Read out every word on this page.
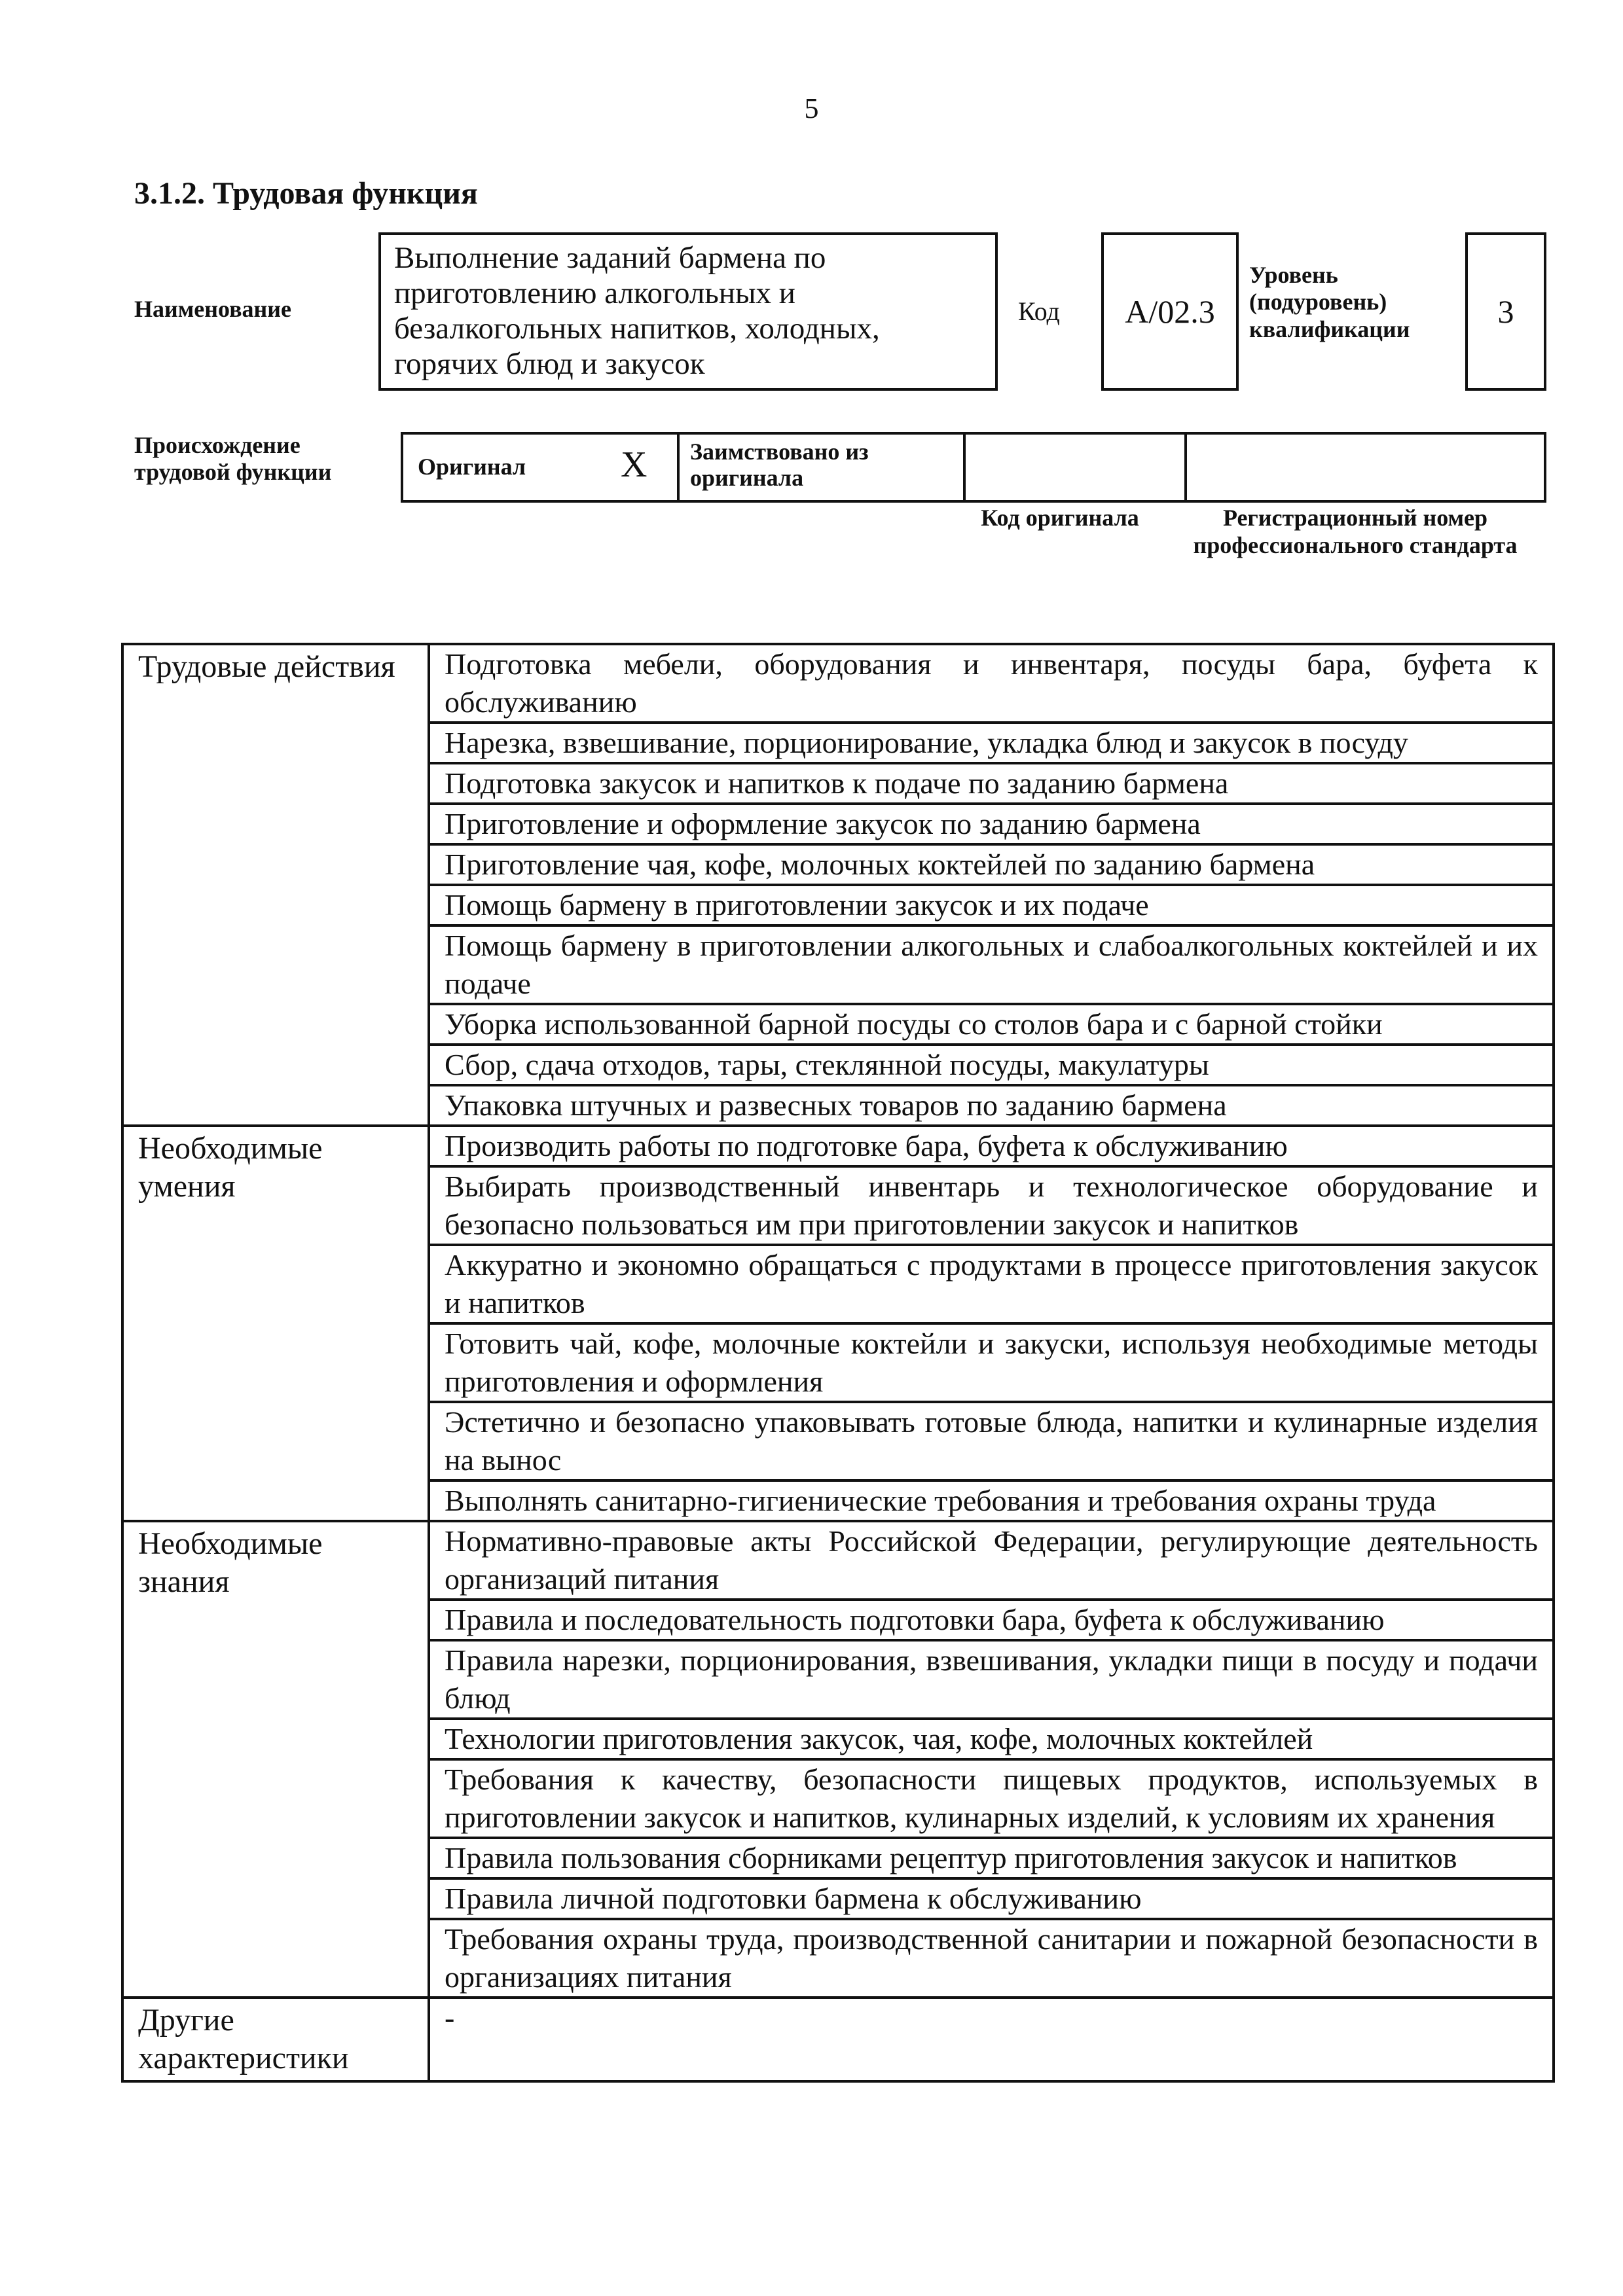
5
3.1.2. Трудовая функция
Наименование
Выполнение заданий бармена по приготовлению алкогольных и безалкогольных напитков, холодных, горячих блюд и закусок
Код	А/02.3
Уровень (подуровень) квалификации	3
Происхождение трудовой функции	Оригинал	X	Заимствовано из оригинала
Код оригинала	Регистрационный номер профессионального стандарта
Трудовые действия	Подготовка мебели, оборудования и инвентаря, посуды бара, буфета к обслуживанию
	Нарезка, взвешивание, порционирование, укладка блюд и закусок в посуду
	Подготовка закусок и напитков к подаче по заданию бармена
	Приготовление и оформление закусок по заданию бармена
	Приготовление чая, кофе, молочных коктейлей по заданию бармена
	Помощь бармену в приготовлении закусок и их подаче
	Помощь бармену в приготовлении алкогольных и слабоалкогольных коктейлей и их подаче
	Уборка использованной барной посуды со столов бара и с барной стойки
	Сбор, сдача отходов, тары, стеклянной посуды, макулатуры
	Упаковка штучных и развесных товаров по заданию бармена
Необходимые умения	Производить работы по подготовке бара, буфета к обслуживанию
	Выбирать производственный инвентарь и технологическое оборудование и безопасно пользоваться им при приготовлении закусок и напитков
	Аккуратно и экономно обращаться с продуктами в процессе приготовления закусок и напитков
	Готовить чай, кофе, молочные коктейли и закуски, используя необходимые методы приготовления и оформления
	Эстетично и безопасно упаковывать готовые блюда, напитки и кулинарные изделия на вынос
	Выполнять санитарно-гигиенические требования и требования охраны труда
Необходимые знания	Нормативно-правовые акты Российской Федерации, регулирующие деятельность организаций питания
	Правила и последовательность подготовки бара, буфета к обслуживанию
	Правила нарезки, порционирования, взвешивания, укладки пищи в посуду и подачи блюд
	Технологии приготовления закусок, чая, кофе, молочных коктейлей
	Требования к качеству, безопасности пищевых продуктов, используемых в приготовлении закусок и напитков, кулинарных изделий, к условиям их хранения
	Правила пользования сборниками рецептур приготовления закусок и напитков
	Правила личной подготовки бармена к обслуживанию
	Требования охраны труда, производственной санитарии и пожарной безопасности в организациях питания
Другие характеристики	-
